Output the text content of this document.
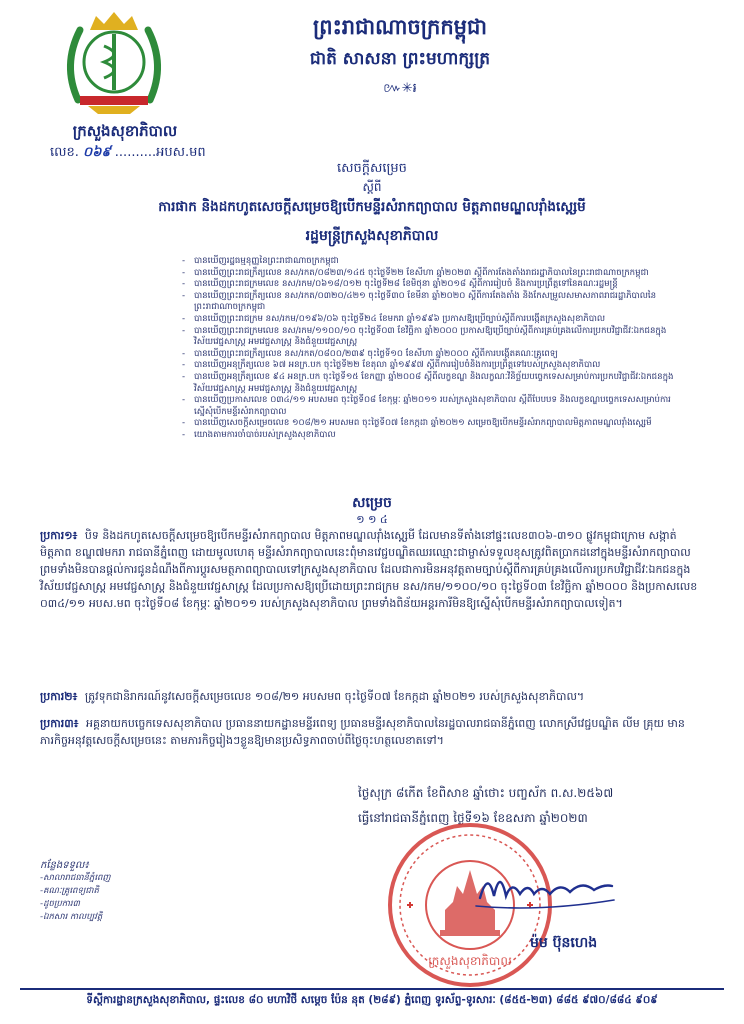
ក្រសួងសុខាភិបាល
លេខ. ០៦៩ ..........អបស.មព
ព្រះរាជាណាចក្រកម្ពុជា
ជាតិ សាសនា ព្រះមហាក្សត្រ
៚✳៛
សេចក្ដីសម្រេច
ស្ដីពី
ការផាក និងដកហូតសេចក្ដីសម្រេចឱ្យបើកមន្ទីរសំរាកព្យាបាល មិត្តភាពមណ្ឌលរ៉ាំងស្ដ្សេមី
រដ្ឋមន្ត្រីក្រសួងសុខាភិបាល
- បានឃើញរដ្ឋធម្មនុញ្ញនៃព្រះរាជាណាចក្រកម្ពុជា
- បានឃើញព្រះរាជក្រឹត្យលេខ នស/រកត/០៨២៣/១៤៥ ចុះថ្ងៃទី២២ ខែសីហា ឆ្នាំ២០២៣ ស្ដីពីការតែងតាំងរាជរដ្ឋាភិបាលនៃព្រះរាជាណាចក្រកម្ពុជា
- បានឃើញព្រះរាជក្រមលេខ នស/រកម/០៦១៨/០១២ ចុះថ្ងៃទី២៨ ខែមិថុនា ឆ្នាំ២០១៨ ស្ដីពីការរៀបចំ និងការប្រព្រឹត្តទៅនៃគណៈរដ្ឋមន្ត្រី
- បានឃើញព្រះរាជក្រឹត្យលេខ នស/រកត/០៣២០/៤២១ ចុះថ្ងៃទី៣០ ខែមីនា ឆ្នាំ២០២០ ស្ដីពីការតែងតាំង និងកែសម្រួលសមាសភាពរាជរដ្ឋាភិបាលនៃព្រះរាជាណាចក្រកម្ពុជា
- បានឃើញព្រះរាជក្រម នស/រកម/០១៩៦/០៦ ចុះថ្ងៃទី២៤ ខែមករា ឆ្នាំ១៩៩៦ ប្រកាសឱ្យប្រើច្បាប់ស្ដីពីការបង្កើតក្រសួងសុខាភិបាល
- បានឃើញព្រះរាជក្រមលេខ នស/រកម/១១០០/១០ ចុះថ្ងៃទី០៣ ខែវិច្ឆិកា ឆ្នាំ២០០០ ប្រកាសឱ្យប្រើច្បាប់ស្ដីពីការគ្រប់គ្រងលើការប្រកបវិជ្ជាជីវៈឯកជនក្នុងវិស័យវេជ្ជសាស្ត្រ អមវេជ្ជសាស្ត្រ និងជំនួយវេជ្ជសាស្ត្រ
- បានឃើញព្រះរាជក្រឹត្យលេខ នស/រកត/០៨០០/២៣៩ ចុះថ្ងៃទី១០ ខែសីហា ឆ្នាំ២០០០ ស្ដីពីការបង្កើតគណៈគ្រូពេទ្យ
- បានឃើញអនុក្រឹត្យលេខ ៦៧ អនក្រ.បក ចុះថ្ងៃទី២២ ខែតុលា ឆ្នាំ១៩៩៧ ស្ដីពីការរៀបចំនិងការប្រព្រឹត្តទៅរបស់ក្រសួងសុខាភិបាល
- បានឃើញអនុក្រឹត្យលេខ ៩៤ អនក្រ.បក ចុះថ្ងៃទី១៥ ខែកញ្ញា ឆ្នាំ២០០៨ ស្ដីពីលក្ខខណ្ឌ និងលក្ខណៈវិនិច្ឆ័យបច្ចេកទេសសម្រាប់ការប្រកបវិជ្ជាជីវៈឯកជនក្នុងវិស័យវេជ្ជសាស្ត្រ អមវេជ្ជសាស្ត្រ និងជំនួយវេជ្ជសាស្ត្រ
- បានឃើញប្រកាសលេខ ០៣៤/១១ អបសមព ចុះថ្ងៃទី០៨ ខែកុម្ភៈ ឆ្នាំ២០១១ របស់ក្រសួងសុខាភិបាល ស្ដីពីបែបបទ និងលក្ខខណ្ឌបច្ចេកទេសសម្រាប់ការស្នើសុំបើកមន្ទីរសំរាកព្យាបាល
- បានឃើញសេចក្ដីសម្រេចលេខ ១០៨/២១ អបសមព ចុះថ្ងៃទី០៧ ខែកក្កដា ឆ្នាំ២០២១ សម្រេចឱ្យបើកមន្ទីរសំរាកព្យាបាលមិត្តភាពមណ្ឌលរ៉ាំងស្ដ្សេមី
- យោងតាមការចាំបាច់របស់ក្រសួងសុខាភិបាល
សម្រេច
១ ១ ៤
ប្រការ១៖ បិទ និងដកហូតសេចក្ដីសម្រេចឱ្យបើកមន្ទីរសំរាកព្យាបាល មិត្តភាពមណ្ឌលរ៉ាំងស្ដ្សេមី ដែលមានទីតាំងនៅផ្ទះលេខ៣០៦-៣១០ ផ្លូវកម្ពុជាក្រោម សង្កាត់មិត្តភាព ខណ្ឌ៧មករា រាជធានីភ្នំពេញ ដោយមូលហេតុ មន្ទីរសំរាកព្យាបាលនេះពុំមានវេជ្ជបណ្ឌិតឈរឈ្មោះជាម្ចាស់ទទួលខុសត្រូវពិតប្រាកដនៅក្នុងមន្ទីរសំរាកព្យាបាល ព្រមទាំងមិនបានផ្ដល់ការជូនដំណឹងពីការប្ដូរសមត្ថភាពព្យាបាលទៅក្រសួងសុខាភិបាល ដែលជាការមិនអនុវត្តតាមច្បាប់ស្ដីពីការគ្រប់គ្រងលើការប្រកបវិជ្ជាជីវៈឯកជនក្នុងវិស័យវេជ្ជសាស្ត្រ អមវេជ្ជសាស្ត្រ និងជំនួយវេជ្ជសាស្ត្រ ដែលប្រកាសឱ្យប្រើដោយព្រះរាជក្រម នស/រកម/១១០០/១០ ចុះថ្ងៃទី០៣ ខែវិច្ឆិកា ឆ្នាំ២០០០ និងប្រកាសលេខ ០៣៤/១១ អបស.មព ចុះថ្ងៃទី០៨ ខែកុម្ភៈ ឆ្នាំ២០១១ របស់ក្រសួងសុខាភិបាល ព្រមទាំងពិន័យអន្ដរការីមិនឱ្យស្នើសុំបើកមន្ទីរសំរាកព្យាបាលទៀត។
ប្រការ២៖ ត្រូវទុកជានិរាករណ៍នូវសេចក្ដីសម្រេចលេខ ១០៨/២១ អបសមព ចុះថ្ងៃទី០៧ ខែកក្កដា ឆ្នាំ២០២១ របស់ក្រសួងសុខាភិបាល។
ប្រការ៣៖ អគ្គនាយកបច្ចេកទេសសុខាភិបាល ប្រធាននាយកដ្ឋានមន្ទីរពេទ្យ ប្រធានមន្ទីរសុខាភិបាលនៃរដ្ឋបាលរាជធានីភ្នំពេញ លោកស្រីវេជ្ជបណ្ឌិត លីម គ្រុយ មានភារកិច្ចអនុវត្តសេចក្ដីសម្រេចនេះ តាមភារកិច្ចរៀងៗខ្លួនឱ្យមានប្រសិទ្ធភាពចាប់ពីថ្ងៃចុះហត្ថលេខាតទៅ។
ថ្ងៃសុក្រ ៨កើត ខែពិសាខ ឆ្នាំថោះ បញ្ចស័ក ព.ស.២៥៦៧
ធ្វើនៅរាជធានីភ្នំពេញ ថ្ងៃទី១៦ ខែឧសភា ឆ្នាំ២០២៣
កន្លែងទទួល៖
-សាលារាជធានីភ្នំពេញ
-គណៈគ្រូពេទ្យជាតិ
-ដូចប្រការ៣
-ឯកសារ កាលប្បវត្តិ
ក្រសួងសុខាភិបាល
Mam Bunheng
ម៉ម ប៊ុនហេង
ទីស្ដីការដ្ឋានក្រសួងសុខាភិបាល, ផ្ទះលេខ ៨០ មហាវិថី សម្ដេច ប៉ែន នុត (២៨៩) ភ្នំពេញ ទូរស័ព្ទ-ទូរសារៈ (៨៥៥-២៣) ៨៨៥ ៩៧០/៨៨៤ ៩០៩
